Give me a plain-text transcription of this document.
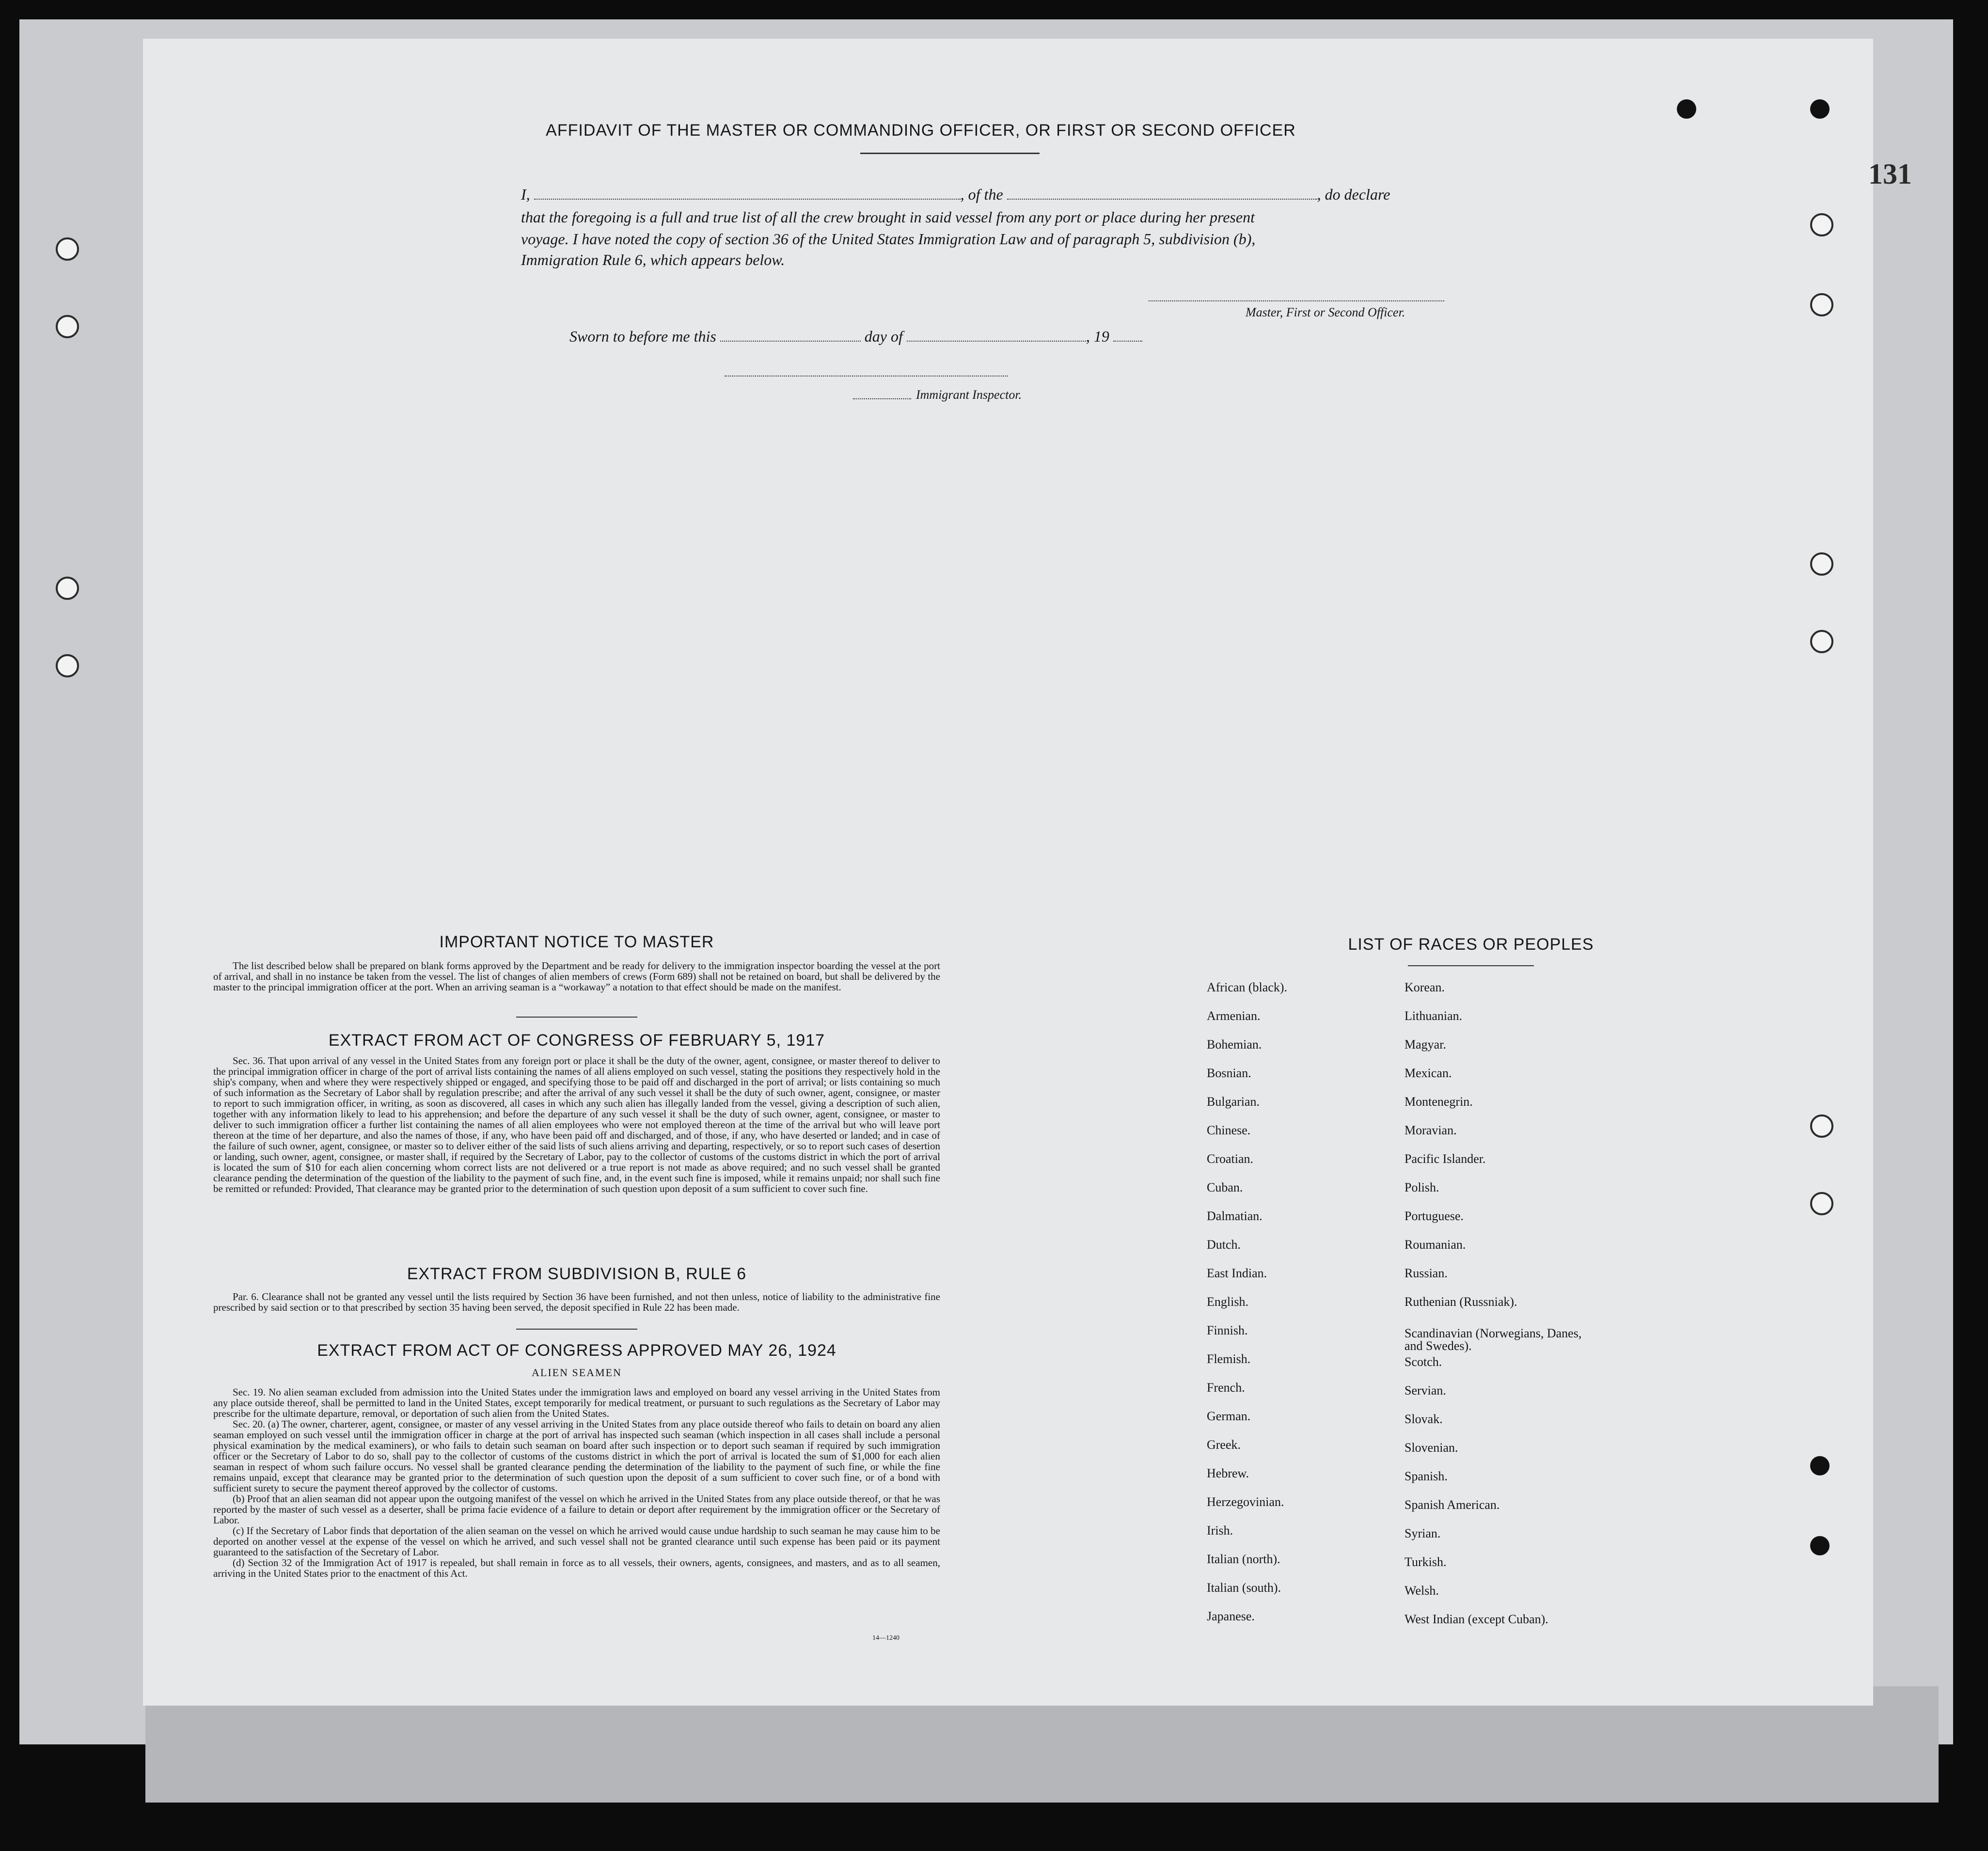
131
AFFIDAVIT OF THE MASTER OR COMMANDING OFFICER, OR FIRST OR SECOND OFFICER
I,	, of the	, do declare
that the foregoing is a full and true list of all the crew brought in said vessel from any port or place during her present
voyage. I have noted the copy of section 36 of the United States Immigration Law and of paragraph 5, subdivision (b),
Immigration Rule 6, which appears below.
Master, First or Second Officer.
Sworn to before me this	day of	, 19
Immigrant Inspector.
IMPORTANT NOTICE TO MASTER

The list described below shall be prepared on blank forms approved by the Department and be ready for delivery to the immigration inspector boarding the vessel at the port of arrival, and shall in no instance be taken from the vessel. The list of changes of alien members of crews (Form 689) shall not be retained on board, but shall be delivered by the master to the principal immigration officer at the port. When an arriving seaman is a “workaway” a notation to that effect should be made on the manifest.

EXTRACT FROM ACT OF CONGRESS OF FEBRUARY 5, 1917

Sec. 36. That upon arrival of any vessel in the United States from any foreign port or place it shall be the duty of the owner, agent, consignee, or master thereof to deliver to the principal immigration officer in charge of the port of arrival lists containing the names of all aliens employed on such vessel, stating the positions they respectively hold in the ship's company, when and where they were respectively shipped or engaged, and specifying those to be paid off and discharged in the port of arrival; or lists containing so much of such information as the Secretary of Labor shall by regulation prescribe; and after the arrival of any such vessel it shall be the duty of such owner, agent, consignee, or master to report to such immigration officer, in writing, as soon as discovered, all cases in which any such alien has illegally landed from the vessel, giving a description of such alien, together with any information likely to lead to his apprehension; and before the departure of any such vessel it shall be the duty of such owner, agent, consignee, or master to deliver to such immigration officer a further list containing the names of all alien employees who were not employed thereon at the time of the arrival but who will leave port thereon at the time of her departure, and also the names of those, if any, who have been paid off and discharged, and of those, if any, who have deserted or landed; and in case of the failure of such owner, agent, consignee, or master so to deliver either of the said lists of such aliens arriving and departing, respectively, or so to report such cases of desertion or landing, such owner, agent, consignee, or master shall, if required by the Secretary of Labor, pay to the collector of customs of the customs district in which the port of arrival is located the sum of $10 for each alien concerning whom correct lists are not delivered or a true report is not made as above required; and no such vessel shall be granted clearance pending the determination of the question of the liability to the payment of such fine, and, in the event such fine is imposed, while it remains unpaid; nor shall such fine be remitted or refunded: Provided, That clearance may be granted prior to the determination of such question upon deposit of a sum sufficient to cover such fine.

EXTRACT FROM SUBDIVISION B, RULE 6

Par. 6. Clearance shall not be granted any vessel until the lists required by Section 36 have been furnished, and not then unless, notice of liability to the administrative fine prescribed by said section or to that prescribed by section 35 having been served, the deposit specified in Rule 22 has been made.

EXTRACT FROM ACT OF CONGRESS APPROVED MAY 26, 1924
ALIEN SEAMEN

Sec. 19. No alien seaman excluded from admission into the United States under the immigration laws and employed on board any vessel arriving in the United States from any place outside thereof, shall be permitted to land in the United States, except temporarily for medical treatment, or pursuant to such regulations as the Secretary of Labor may prescribe for the ultimate departure, removal, or deportation of such alien from the United States.

Sec. 20. (a) The owner, charterer, agent, consignee, or master of any vessel arriving in the United States from any place outside thereof who fails to detain on board any alien seaman employed on such vessel until the immigration officer in charge at the port of arrival has inspected such seaman (which inspection in all cases shall include a personal physical examination by the medical examiners), or who fails to detain such seaman on board after such inspection or to deport such seaman if required by such immigration officer or the Secretary of Labor to do so, shall pay to the collector of customs of the customs district in which the port of arrival is located the sum of $1,000 for each alien seaman in respect of whom such failure occurs. No vessel shall be granted clearance pending the determination of the liability to the payment of such fine, or while the fine remains unpaid, except that clearance may be granted prior to the determination of such question upon the deposit of a sum sufficient to cover such fine, or of a bond with sufficient surety to secure the payment thereof approved by the collector of customs.

(b) Proof that an alien seaman did not appear upon the outgoing manifest of the vessel on which he arrived in the United States from any place outside thereof, or that he was reported by the master of such vessel as a deserter, shall be prima facie evidence of a failure to detain or deport after requirement by the immigration officer or the Secretary of Labor.

(c) If the Secretary of Labor finds that deportation of the alien seaman on the vessel on which he arrived would cause undue hardship to such seaman he may cause him to be deported on another vessel at the expense of the vessel on which he arrived, and such vessel shall not be granted clearance until such expense has been paid or its payment guaranteed to the satisfaction of the Secretary of Labor.

(d) Section 32 of the Immigration Act of 1917 is repealed, but shall remain in force as to all vessels, their owners, agents, consignees, and masters, and as to all seamen, arriving in the United States prior to the enactment of this Act.

14—1240
LIST OF RACES OR PEOPLES
African (black).
Armenian.
Bohemian.
Bosnian.
Bulgarian.
Chinese.
Croatian.
Cuban.
Dalmatian.
Dutch.
East Indian.
English.
Finnish.
Flemish.
French.
German.
Greek.
Hebrew.
Herzegovinian.
Irish.
Italian (north).
Italian (south).
Japanese.
Korean.
Lithuanian.
Magyar.
Mexican.
Montenegrin.
Moravian.
Pacific Islander.
Polish.
Portuguese.
Roumanian.
Russian.
Ruthenian (Russniak).
Scandinavian (Norwegians, Danes, and Swedes).
Scotch.
Servian.
Slovak.
Slovenian.
Spanish.
Spanish American.
Syrian.
Turkish.
Welsh.
West Indian (except Cuban).
